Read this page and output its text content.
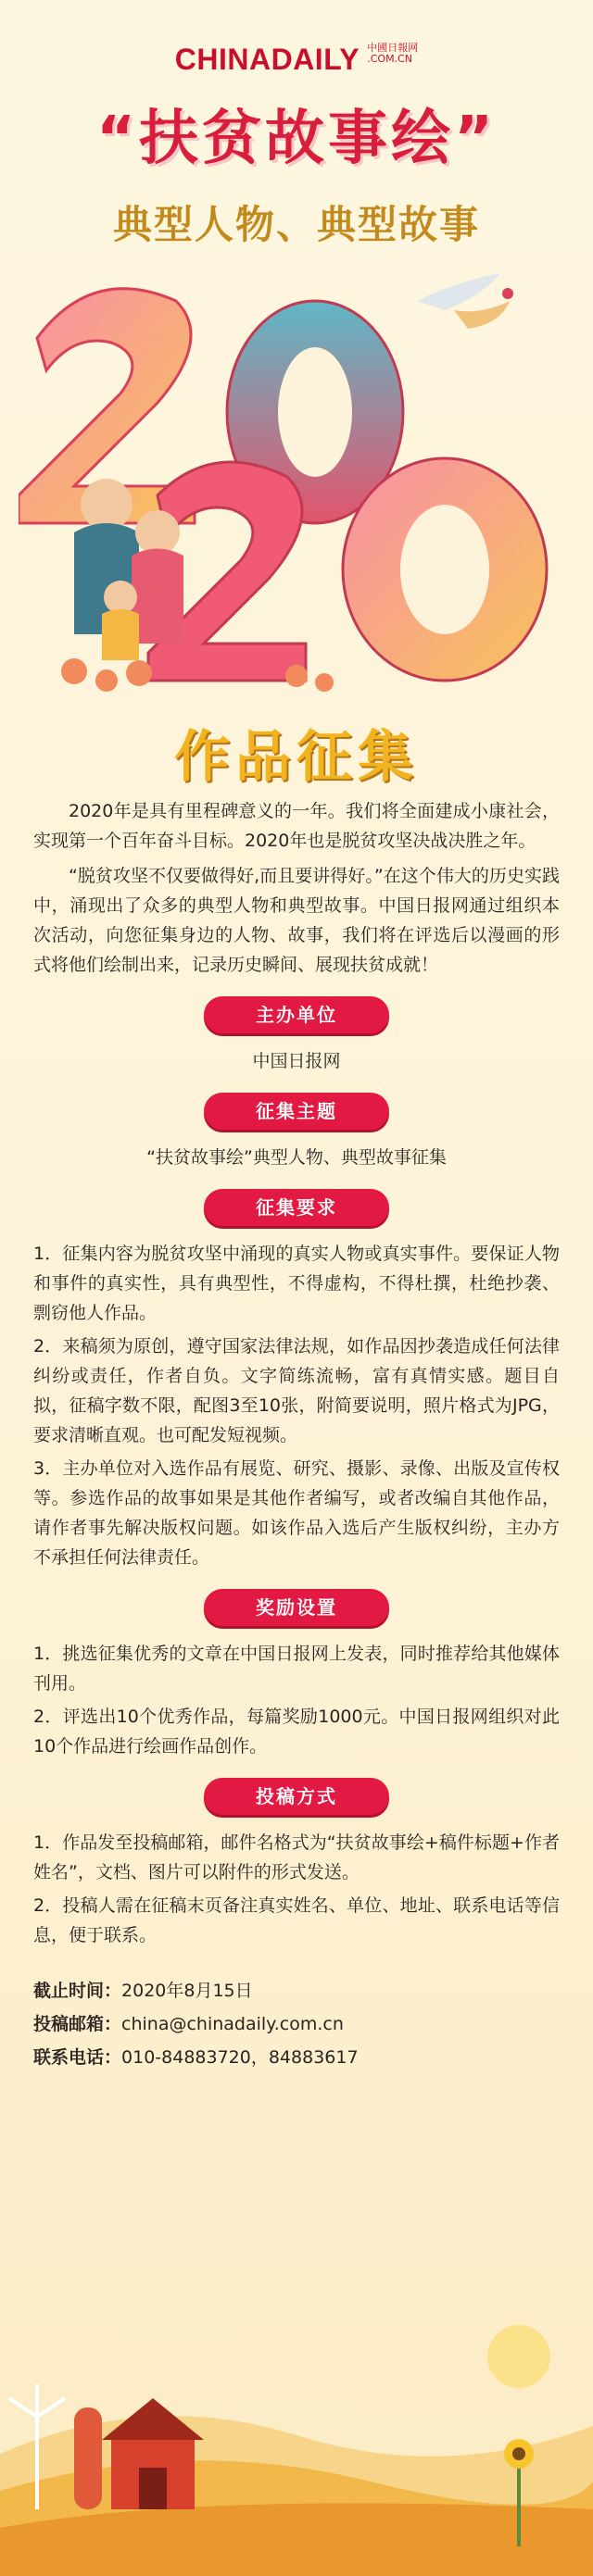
CHINADAILY 中國日報网
.COM.CN
“扶贫故事绘”
典型人物、典型故事
作品征集

2020年是具有里程碑意义的一年。我们将全面建成小康社会，实现第一个百年奋斗目标。2020年也是脱贫攻坚决战决胜之年。

“脱贫攻坚不仅要做得好,而且要讲得好。”在这个伟大的历史实践中，涌现出了众多的典型人物和典型故事。中国日报网通过组织本次活动，向您征集身边的人物、故事，我们将在评选后以漫画的形式将他们绘制出来，记录历史瞬间、展现扶贫成就！

主办单位

中国日报网

征集主题

“扶贫故事绘”典型人物、典型故事征集

征集要求

1．征集内容为脱贫攻坚中涌现的真实人物或真实事件。要保证人物和事件的真实性，具有典型性，不得虚构，不得杜撰，杜绝抄袭、剽窃他人作品。

2．来稿须为原创，遵守国家法律法规，如作品因抄袭造成任何法律纠纷或责任，作者自负。文字简练流畅，富有真情实感。题目自拟，征稿字数不限，配图3至10张，附简要说明，照片格式为JPG，要求清晰直观。也可配发短视频。

3．主办单位对入选作品有展览、研究、摄影、录像、出版及宣传权等。参选作品的故事如果是其他作者编写，或者改编自其他作品，请作者事先解决版权问题。如该作品入选后产生版权纠纷，主办方不承担任何法律责任。

奖励设置

1．挑选征集优秀的文章在中国日报网上发表，同时推荐给其他媒体刊用。

2．评选出10个优秀作品，每篇奖励1000元。中国日报网组织对此10个作品进行绘画作品创作。

投稿方式

1．作品发至投稿邮箱，邮件名格式为“扶贫故事绘+稿件标题+作者姓名”，文档、图片可以附件的形式发送。

2．投稿人需在征稿末页备注真实姓名、单位、地址、联系电话等信息，便于联系。

截止时间：2020年8月15日
投稿邮箱：china@chinadaily.com.cn
联系电话：010-84883720，84883617
